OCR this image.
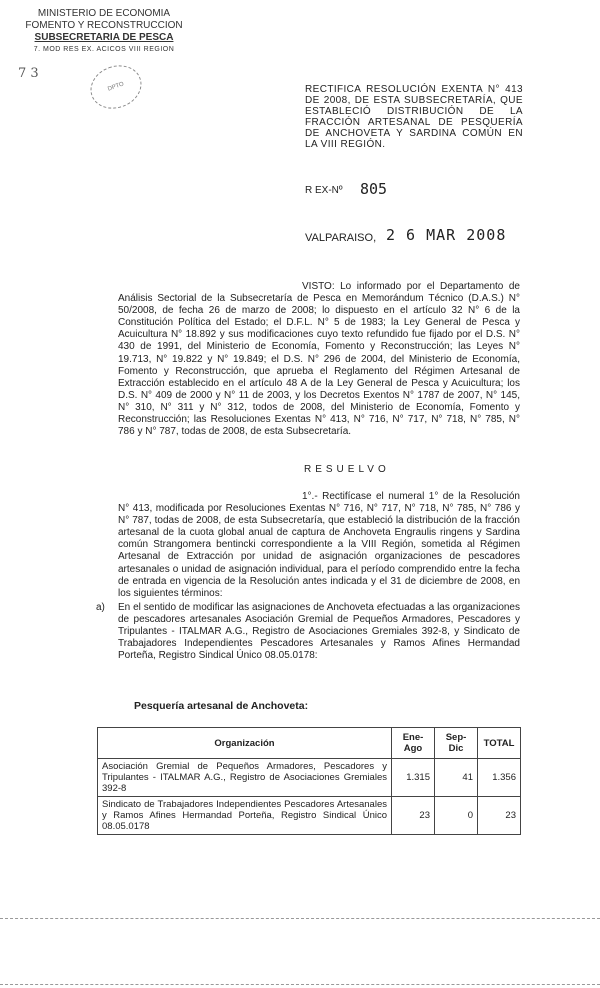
MINISTERIO DE ECONOMIA
FOMENTO Y RECONSTRUCCION
SUBSECRETARIA DE PESCA
7. MOD RES EX. ACICOS VIII REGION
7 3
DPTO	RECTIFICA RESOLUCIÓN EXENTA N° 413 DE 2008, DE ESTA SUBSECRETARÍA, QUE ESTABLECIÓ DISTRIBUCIÓN DE LA FRACCIÓN ARTESANAL DE PESQUERÍA DE ANCHOVETA Y SARDINA COMÚN EN LA VIII REGIÓN.
R EX-Nº 805
VALPARAISO, 2 6 MAR 2008
VISTO: Lo informado por el Departamento de Análisis Sectorial de la Subsecretaría de Pesca en Memorándum Técnico (D.A.S.) N° 50/2008, de fecha 26 de marzo de 2008; lo dispuesto en el artículo 32 N° 6 de la Constitución Política del Estado; el D.F.L. N° 5 de 1983; la Ley General de Pesca y Acuicultura N° 18.892 y sus modificaciones cuyo texto refundido fue fijado por el D.S. N° 430 de 1991, del Ministerio de Economía, Fomento y Reconstrucción; las Leyes N° 19.713, N° 19.822 y N° 19.849; el D.S. N° 296 de 2004, del Ministerio de Economía, Fomento y Reconstrucción, que aprueba el Reglamento del Régimen Artesanal de Extracción establecido en el artículo 48 A de la Ley General de Pesca y Acuicultura; los D.S. N° 409 de 2000 y N° 11 de 2003, y los Decretos Exentos N° 1787 de 2007, N° 145, N° 310, N° 311 y N° 312, todos de 2008, del Ministerio de Economía, Fomento y Reconstrucción; las Resoluciones Exentas N° 413, N° 716, N° 717, N° 718, N° 785, N° 786 y N° 787, todas de 2008, de esta Subsecretaría.
RESUELVO
1°.- Rectifícase el numeral 1° de la Resolución N° 413, modificada por Resoluciones Exentas N° 716, N° 717, N° 718, N° 785, N° 786 y N° 787, todas de 2008, de esta Subsecretaría, que estableció la distribución de la fracción artesanal de la cuota global anual de captura de Anchoveta Engraulis ringens y Sardina común Strangomera bentincki correspondiente a la VIII Región, sometida al Régimen Artesanal de Extracción por unidad de asignación organizaciones de pescadores artesanales o unidad de asignación individual, para el período comprendido entre la fecha de entrada en vigencia de la Resolución antes indicada y el 31 de diciembre de 2008, en los siguientes términos:
a) En el sentido de modificar las asignaciones de Anchoveta efectuadas a las organizaciones de pescadores artesanales Asociación Gremial de Pequeños Armadores, Pescadores y Tripulantes - ITALMAR A.G., Registro de Asociaciones Gremiales 392-8, y Sindicato de Trabajadores Independientes Pescadores Artesanales y Ramos Afines Hermandad Porteña, Registro Sindical Único 08.05.0178:
Pesquería artesanal de Anchoveta:
Organización	Ene-Ago	Sep-Dic	TOTAL
Asociación Gremial de Pequeños Armadores, Pescadores y Tripulantes - ITALMAR A.G., Registro de Asociaciones Gremiales 392-8	1.315	41	1.356
Sindicato de Trabajadores Independientes Pescadores Artesanales y Ramos Afines Hermandad Porteña, Registro Sindical Único 08.05.0178	23	0	23
